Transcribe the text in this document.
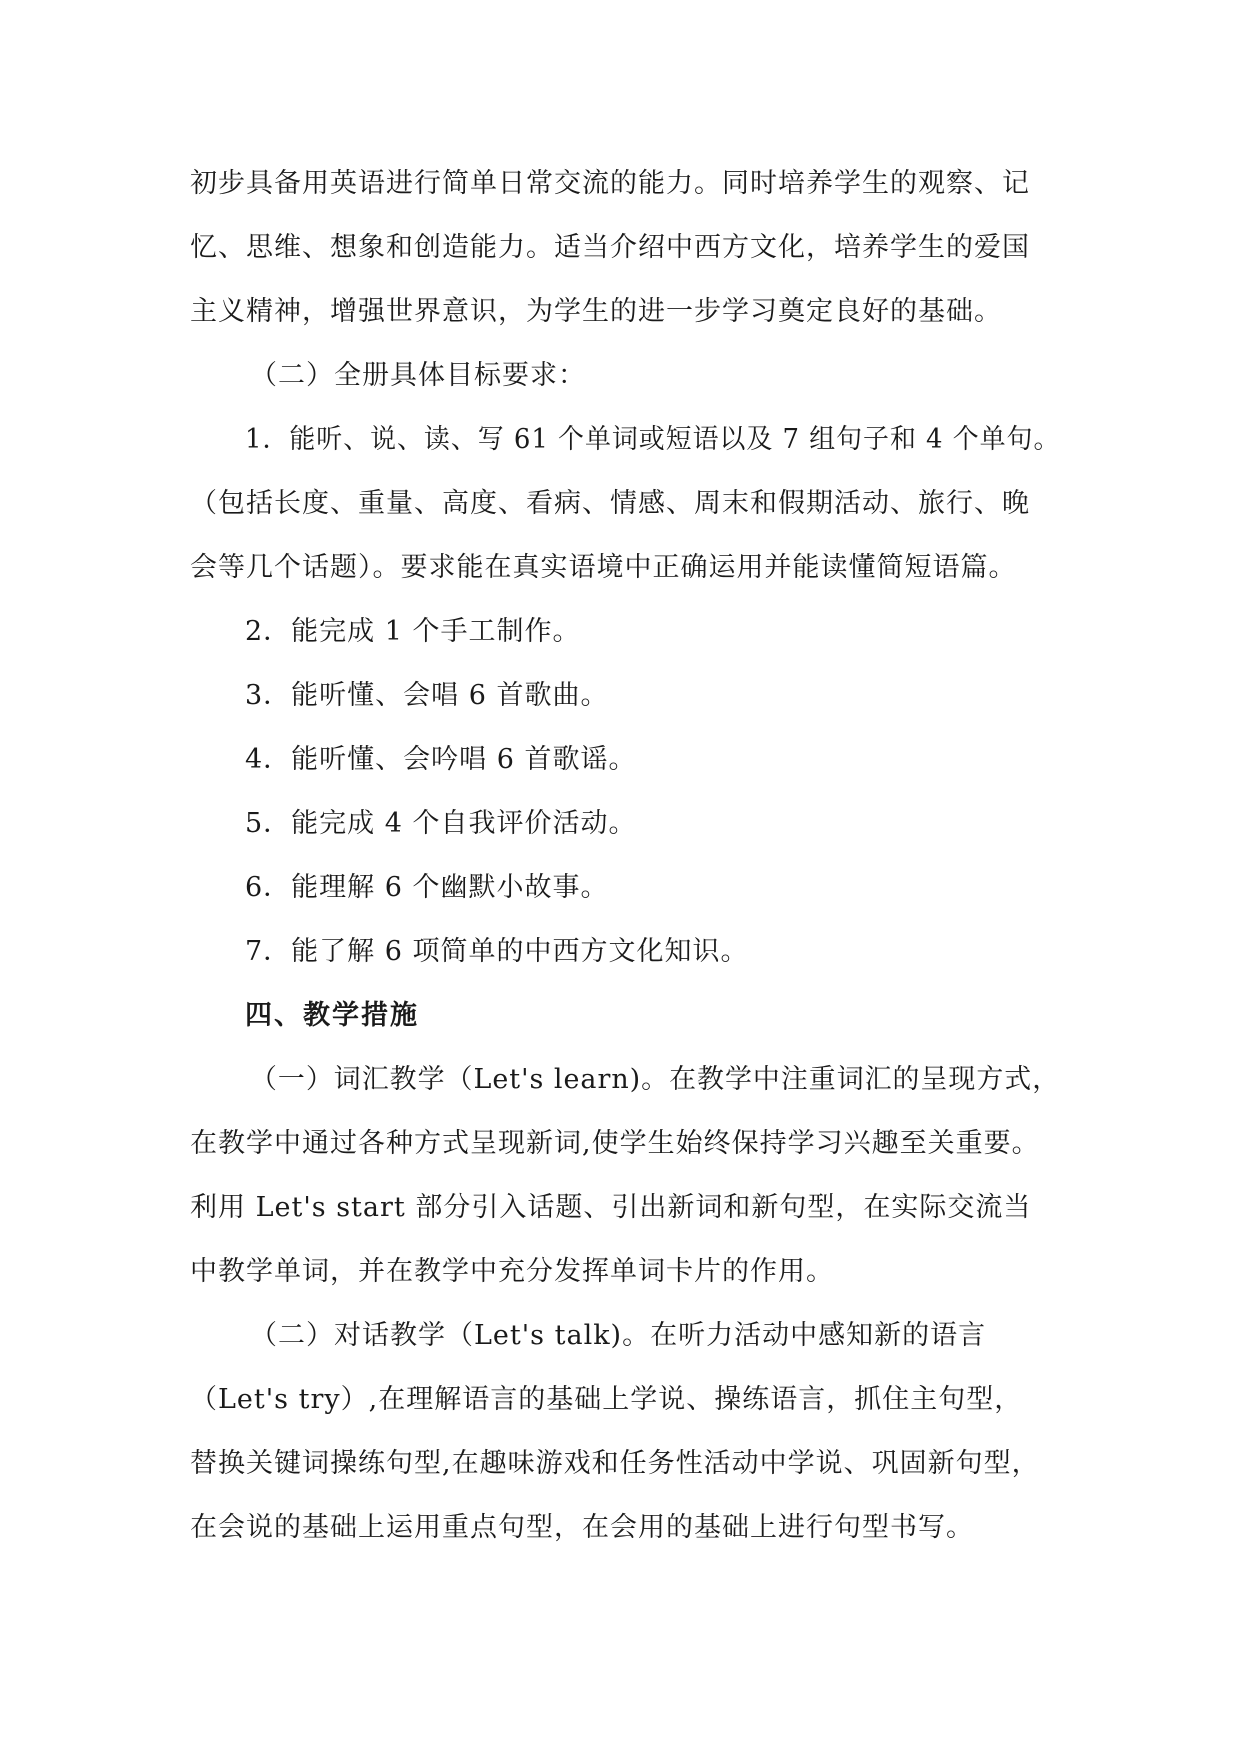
初步具备用英语进行简单日常交流的能力。同时培养学生的观察、记
忆、思维、想象和创造能力。适当介绍中西方文化，培养学生的爱国
主义精神，增强世界意识，为学生的进一步学习奠定良好的基础。
（二）全册具体目标要求：
1．能听、说、读、写 61 个单词或短语以及 7 组句子和 4 个单句。
（包括长度、重量、高度、看病、情感、周末和假期活动、旅行、晚
会等几个话题）。要求能在真实语境中正确运用并能读懂简短语篇。
2．能完成 1 个手工制作。
3．能听懂、会唱 6 首歌曲。
4．能听懂、会吟唱 6 首歌谣。
5．能完成 4 个自我评价活动。
6．能理解 6 个幽默小故事。
7．能了解 6 项简单的中西方文化知识。
四、教学措施
（一）词汇教学（Let's learn)。在教学中注重词汇的呈现方式，
在教学中通过各种方式呈现新词,使学生始终保持学习兴趣至关重要。
利用 Let's start 部分引入话题、引出新词和新句型，在实际交流当
中教学单词，并在教学中充分发挥单词卡片的作用。
（二）对话教学（Let's talk)。在听力活动中感知新的语言
（Let's try）,在理解语言的基础上学说、操练语言，抓住主句型，
替换关键词操练句型,在趣味游戏和任务性活动中学说、巩固新句型，
在会说的基础上运用重点句型，在会用的基础上进行句型书写。
